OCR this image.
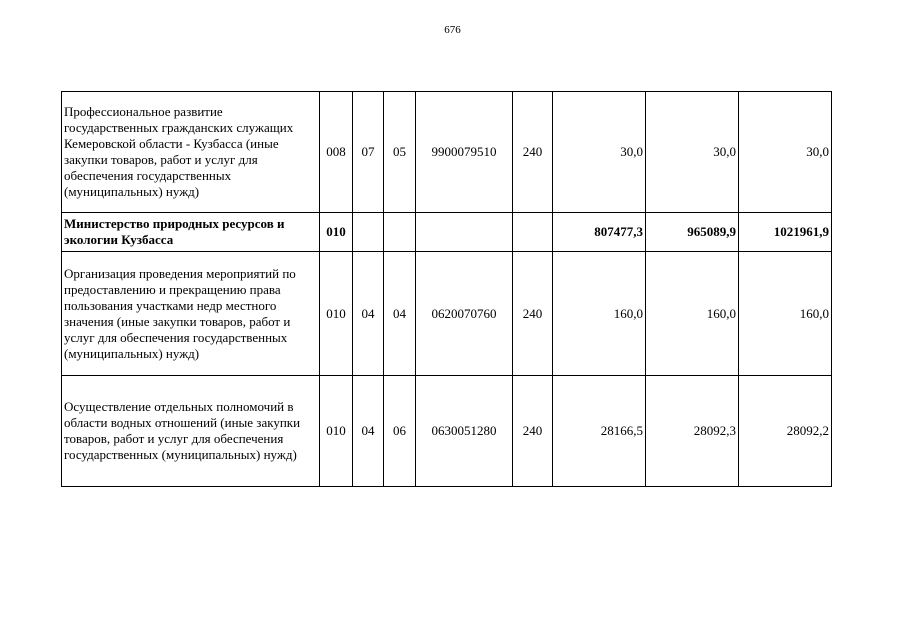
676
Профессиональное развитие государственных гражданских служащих Кемеровской области - Кузбасса (иные закупки товаров, работ и услуг для обеспечения государственных (муниципальных) нужд)	008	07	05	9900079510	240	30,0	30,0	30,0
Министерство природных ресурсов и экологии Кузбасса	010					807477,3	965089,9	1021961,9
Организация проведения мероприятий по предоставлению и прекращению права пользования участками недр местного значения (иные закупки товаров, работ и услуг для обеспечения государственных (муниципальных) нужд)	010	04	04	0620070760	240	160,0	160,0	160,0
Осуществление отдельных полномочий в области водных отношений (иные закупки товаров, работ и услуг для обеспечения государственных (муниципальных) нужд)	010	04	06	0630051280	240	28166,5	28092,3	28092,2
